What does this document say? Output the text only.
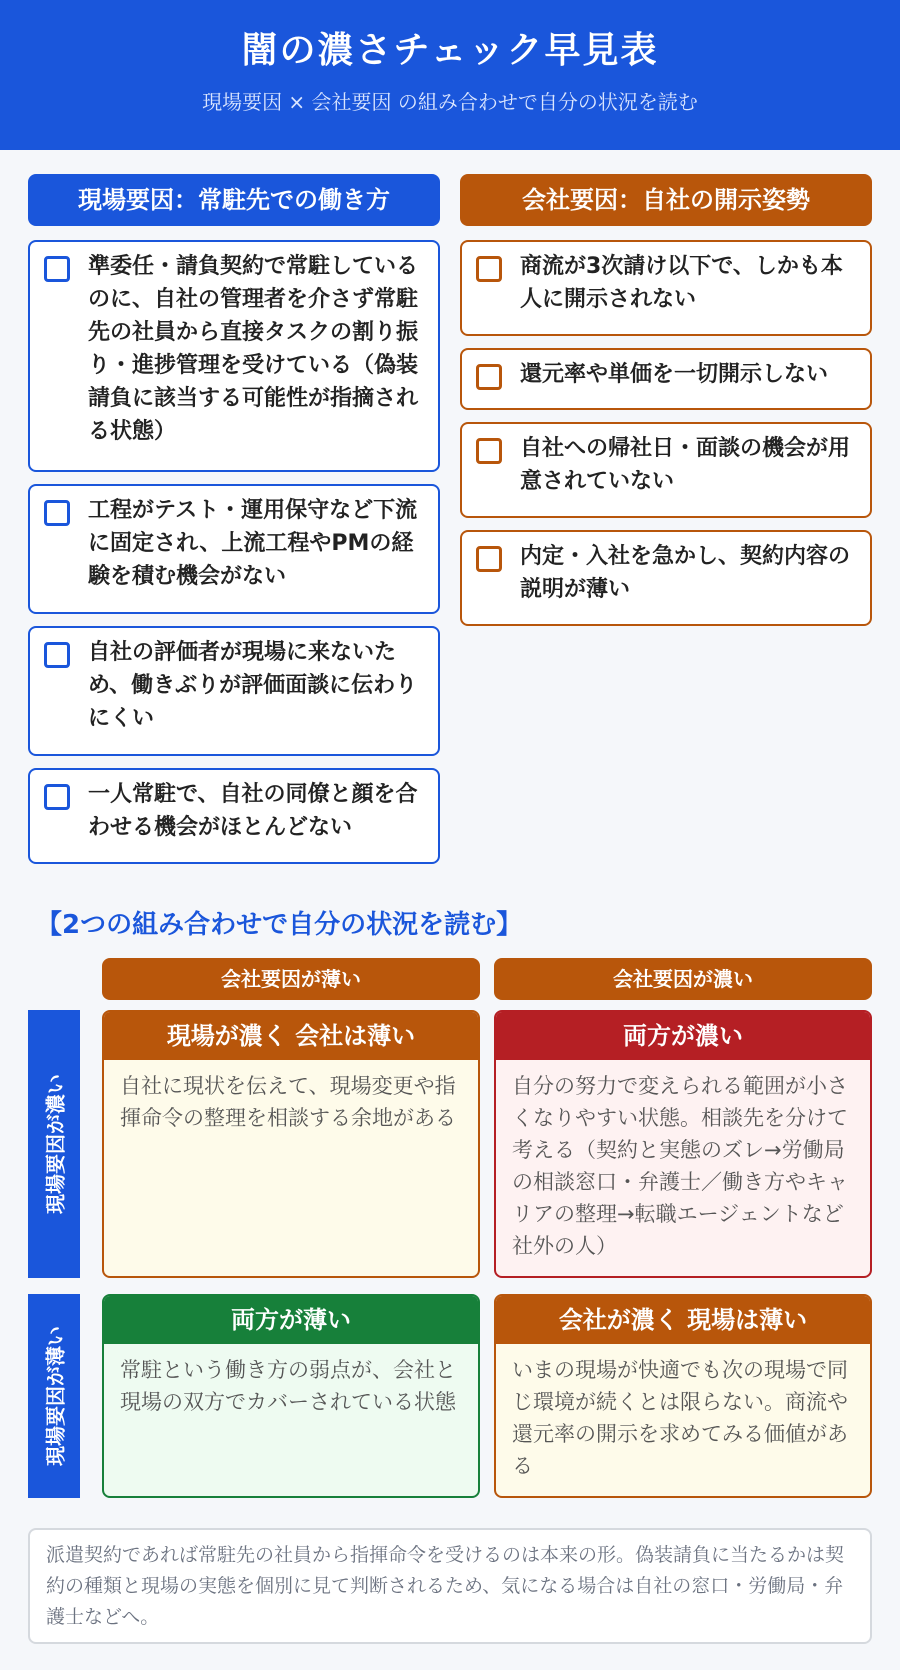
闇の濃さチェック早見表
現場要因 × 会社要因 の組み合わせで自分の状況を読む
現場要因：常駐先での働き方	会社要因：自社の開示姿勢
準委任・請負契約で常駐しているのに、自社の管理者を介さず常駐先の社員から直接タスクの割り振り・進捗管理を受けている（偽装請負に該当する可能性が指摘される状態）
工程がテスト・運用保守など下流に固定され、上流工程やPMの経験を積む機会がない
自社の評価者が現場に来ないため、働きぶりが評価面談に伝わりにくい
一人常駐で、自社の同僚と顔を合わせる機会がほとんどない
商流が3次請け以下で、しかも本人に開示されない
還元率や単価を一切開示しない
自社への帰社日・面談の機会が用意されていない
内定・入社を急かし、契約内容の説明が薄い
【2つの組み合わせで自分の状況を読む】
会社要因が薄い	会社要因が濃い
現場要因が濃い
現場要因が薄い
現場が濃く 会社は薄い
自社に現状を伝えて、現場変更や指揮命令の整理を相談する余地がある
両方が濃い
自分の努力で変えられる範囲が小さくなりやすい状態。相談先を分けて考える（契約と実態のズレ→労働局の相談窓口・弁護士／働き方やキャリアの整理→転職エージェントなど社外の人）
両方が薄い
常駐という働き方の弱点が、会社と現場の双方でカバーされている状態
会社が濃く 現場は薄い
いまの現場が快適でも次の現場で同じ環境が続くとは限らない。商流や還元率の開示を求めてみる価値がある
派遣契約であれば常駐先の社員から指揮命令を受けるのは本来の形。偽装請負に当たるかは契約の種類と現場の実態を個別に見て判断されるため、気になる場合は自社の窓口・労働局・弁護士などへ。
